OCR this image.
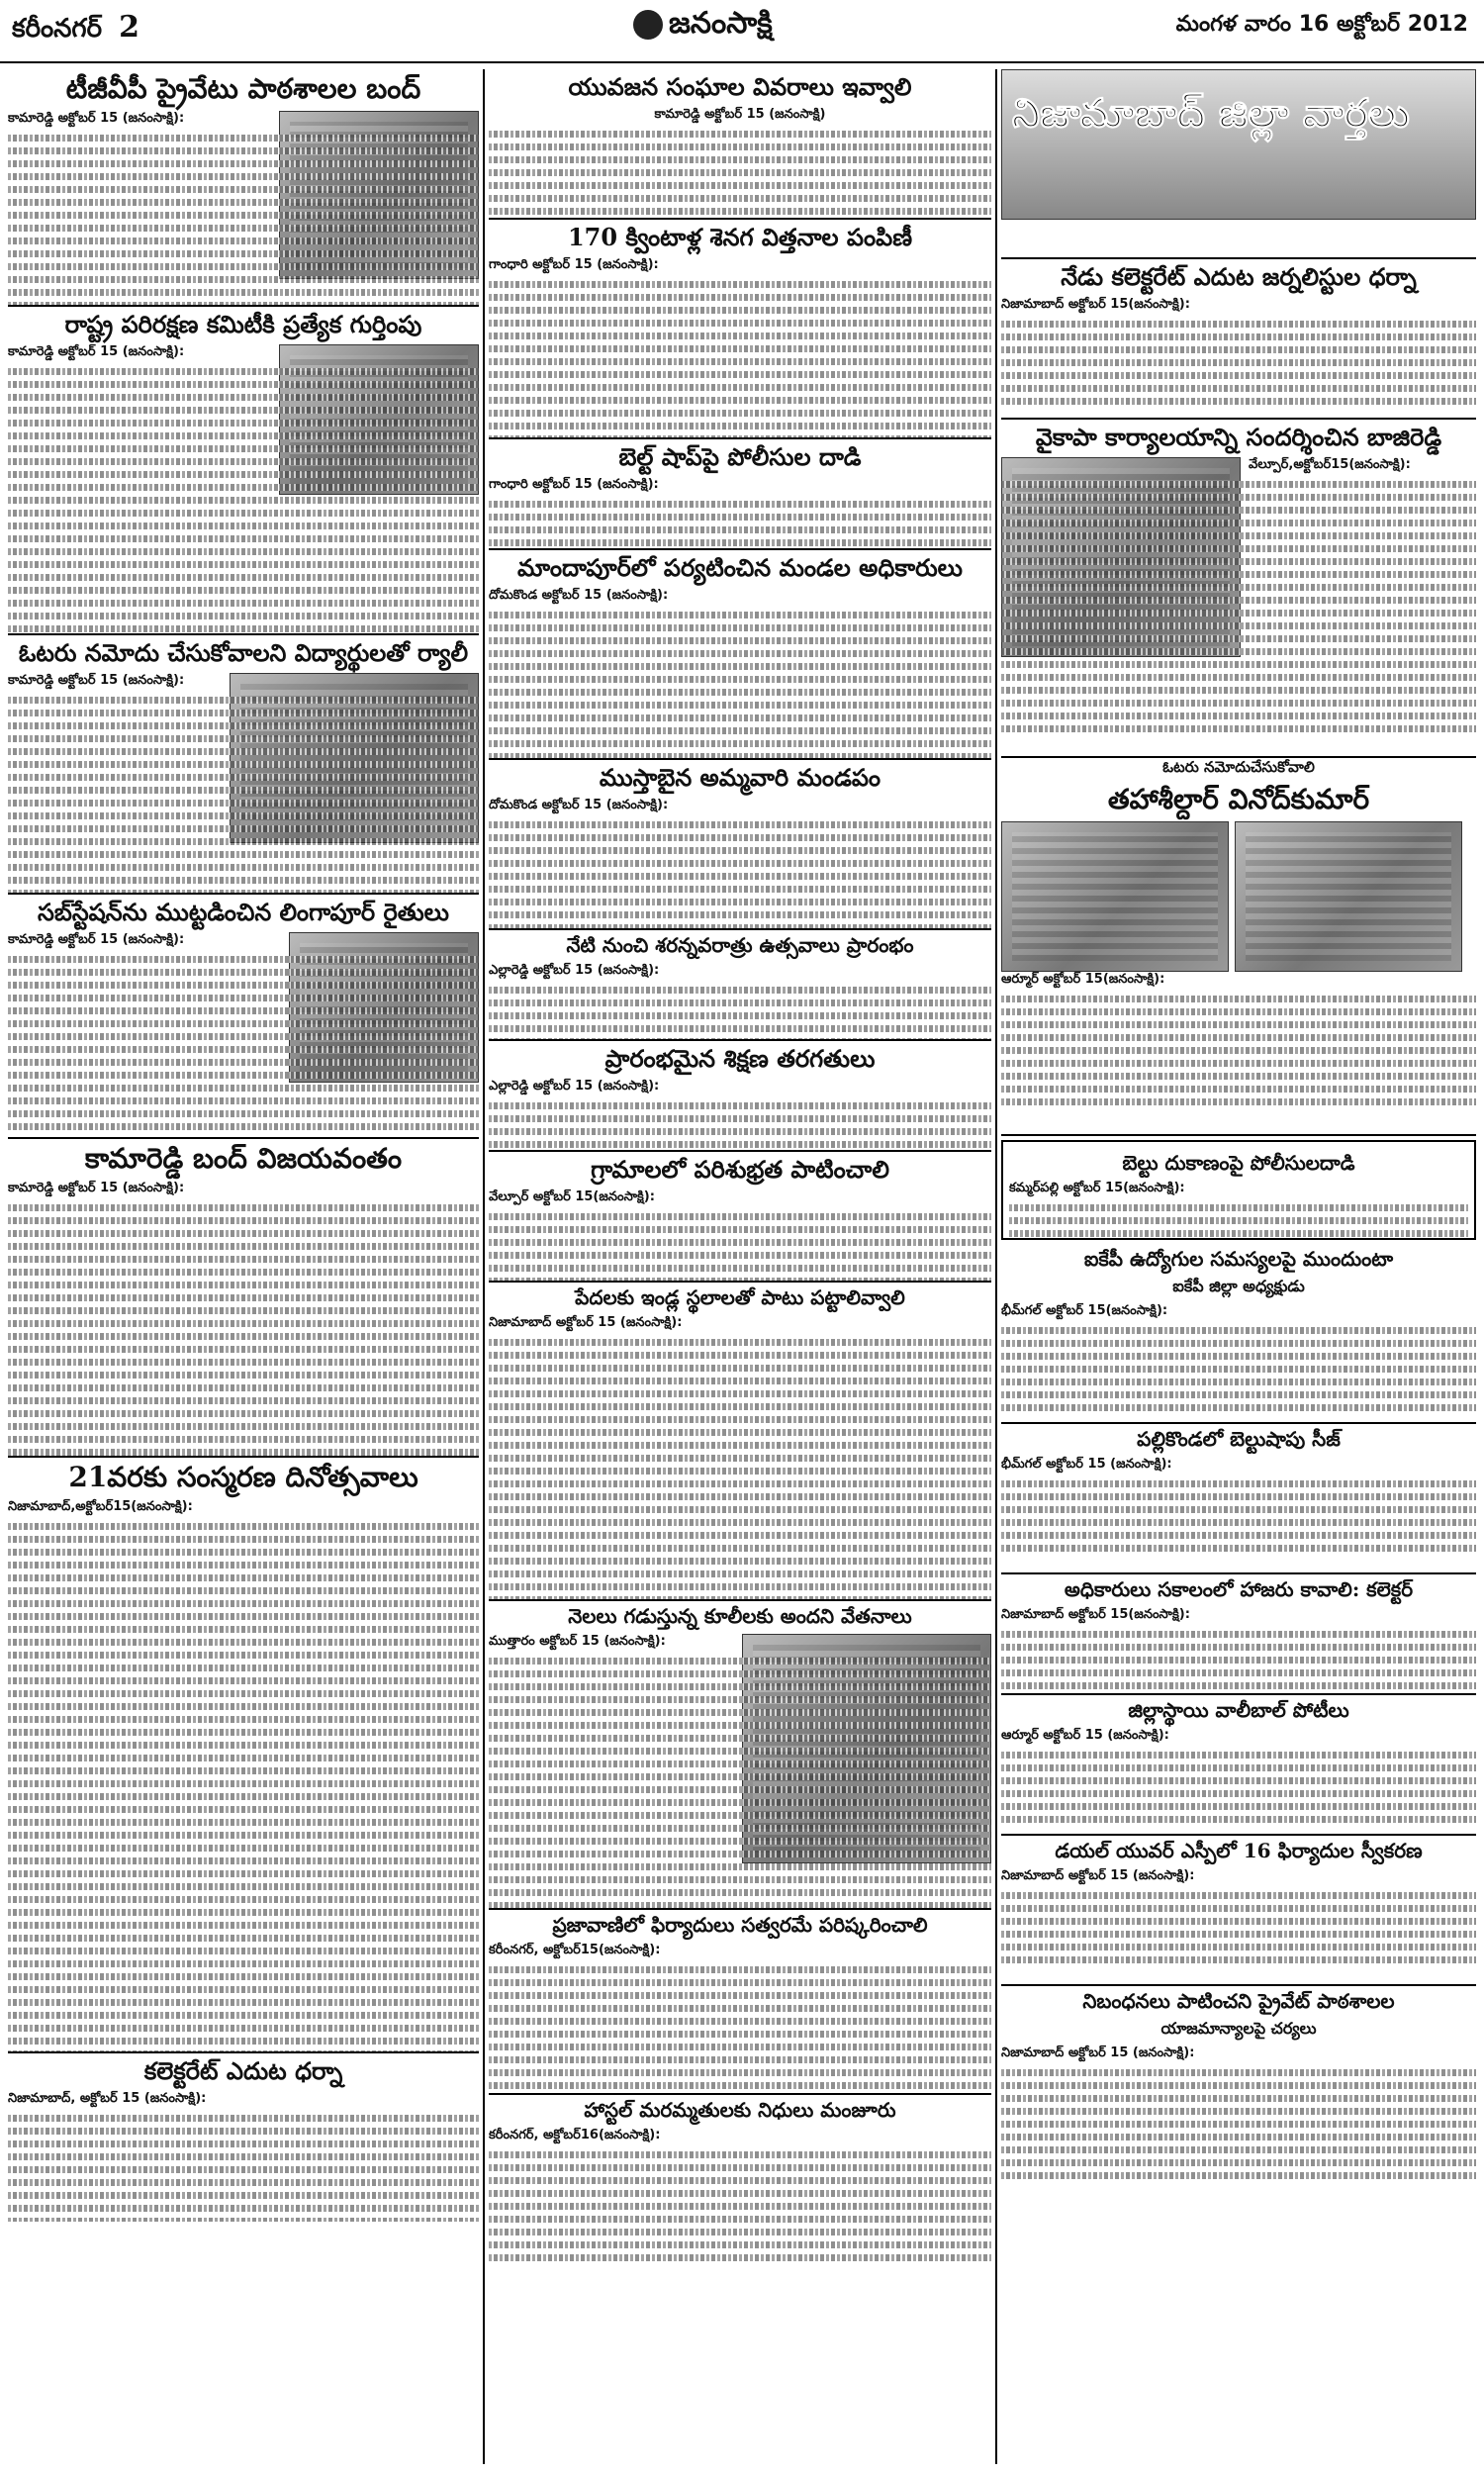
కరీంనగర్ 2	జనంసాక్షి	మంగళ వారం 16 అక్టోబర్ 2012
టీజీవీపీ ప్రైవేటు పాఠశాలల బంద్
కామారెడ్డి అక్టోబర్ 15 (జనంసాక్షి):
రాష్ట్ర పరిరక్షణ కమిటీకి ప్రత్యేక గుర్తింపు
కామారెడ్డి అక్టోబర్ 15 (జనంసాక్షి):
ఓటరు నమోదు చేసుకోవాలని విద్యార్థులతో ర్యాలీ
కామారెడ్డి అక్టోబర్ 15 (జనంసాక్షి):
సబ్‌స్టేషన్‌ను ముట్టడించిన లింగాపూర్ రైతులు
కామారెడ్డి అక్టోబర్ 15 (జనంసాక్షి):
కామారెడ్డి బంద్ విజయవంతం
కామారెడ్డి అక్టోబర్ 15 (జనంసాక్షి):
21వరకు సంస్మరణ దినోత్సవాలు
నిజామాబాద్,అక్టోబర్15(జనంసాక్షి):
కలెక్టరేట్ ఎదుట ధర్నా
నిజామాబాద్, అక్టోబర్ 15 (జనంసాక్షి):
యువజన సంఘాల వివరాలు ఇవ్వాలి
కామారెడ్డి అక్టోబర్ 15 (జనంసాక్షి)
170 క్వింటాళ్ల శెనగ విత్తనాల పంపిణీ
గాంధారి అక్టోబర్ 15 (జనంసాక్షి):
బెల్ట్ షాప్‌పై పోలీసుల దాడి
గాంధారి అక్టోబర్ 15 (జనంసాక్షి):
మాందాపూర్‌లో పర్యటించిన మండల అధికారులు
దోమకొండ అక్టోబర్ 15 (జనంసాక్షి):
ముస్తాబైన అమ్మవారి మండపం
దోమకొండ అక్టోబర్ 15 (జనంసాక్షి):
నేటి నుంచి శరన్నవరాత్రు ఉత్సవాలు ప్రారంభం
ఎల్లారెడ్డి అక్టోబర్ 15 (జనంసాక్షి):
ప్రారంభమైన శిక్షణ తరగతులు
ఎల్లారెడ్డి అక్టోబర్ 15 (జనంసాక్షి):
గ్రామాలలో పరిశుభ్రత పాటించాలి
వేల్పూర్ అక్టోబర్ 15(జనంసాక్షి):
పేదలకు ఇండ్ల స్థలాలతో పాటు పట్టాలివ్వాలి
నిజామాబాద్ అక్టోబర్ 15 (జనంసాక్షి):
నెలలు గడుస్తున్న కూలీలకు అందని వేతనాలు
ముత్తారం అక్టోబర్ 15 (జనంసాక్షి):
ప్రజావాణిలో ఫిర్యాదులు సత్వరమే పరిష్కరించాలి
కరీంనగర్, అక్టోబర్15(జనంసాక్షి):
హాస్టల్ మరమ్మతులకు నిధులు మంజూరు
కరీంనగర్, అక్టోబర్16(జనంసాక్షి):
నిజామాబాద్ జిల్లా వార్తలు
నేడు కలెక్టరేట్ ఎదుట జర్నలిస్టుల ధర్నా
నిజామాబాద్ అక్టోబర్ 15(జనంసాక్షి):
వైకాపా కార్యాలయాన్ని సందర్శించిన బాజిరెడ్డి
వేల్పూర్,అక్టోబర్15(జనంసాక్షి):
ఓటరు నమోదుచేసుకోవాలి
తహాశీల్దార్ వినోద్‌కుమార్
ఆర్మూర్ అక్టోబర్ 15(జనంసాక్షి):
బెల్టు దుకాణంపై పోలీసులదాడి
కమ్మర్‌పల్లి అక్టోబర్ 15(జనంసాక్షి):
ఐకేపీ ఉద్యోగుల సమస్యలపై ముందుంటా
ఐకేపీ జిల్లా అధ్యక్షుడు
భీమ్‌గల్ అక్టోబర్ 15(జనంసాక్షి):
పల్లికొండలో బెల్టుషాపు సీజ్
భీమ్‌గల్ అక్టోబర్ 15 (జనంసాక్షి):
అధికారులు సకాలంలో హాజరు కావాలి: కలెక్టర్
నిజామాబాద్ అక్టోబర్ 15(జనంసాక్షి):
జిల్లాస్థాయి వాలీబాల్ పోటీలు
ఆర్మూర్ అక్టోబర్ 15 (జనంసాక్షి):
డయల్ యువర్ ఎస్పీలో 16 ఫిర్యాదుల స్వీకరణ
నిజామాబాద్ అక్టోబర్ 15 (జనంసాక్షి):
నిబంధనలు పాటించని ప్రైవేట్ పాఠశాలల
యాజమాన్యాలపై చర్యలు
నిజామాబాద్ అక్టోబర్ 15 (జనంసాక్షి):
